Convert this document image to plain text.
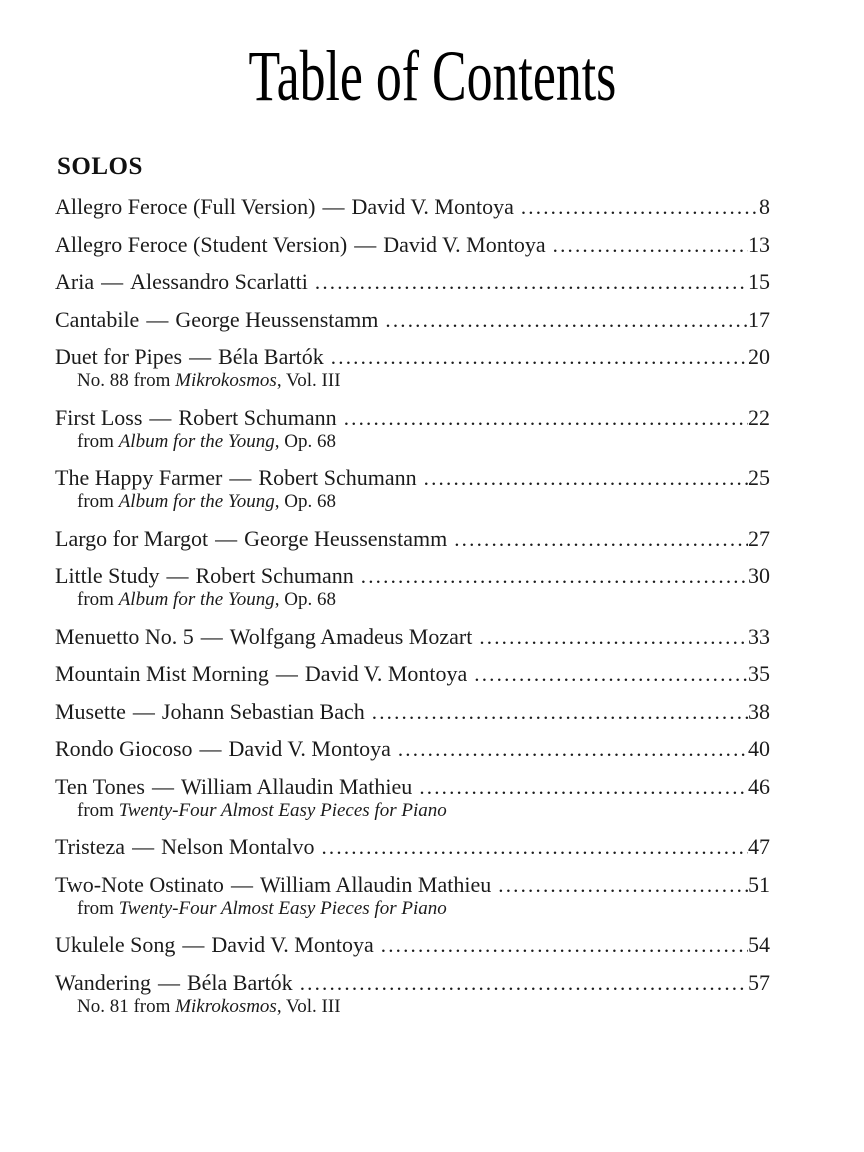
Table of Contents
SOLOS
Allegro Feroce (Full Version) — David V. Montoya .....	8
Allegro Feroce (Student Version) — David V. Montoya .....	13
Aria — Alessandro Scarlatti .....	15
Cantabile — George Heussenstamm .....	17
Duet for Pipes — Béla Bartók .....	20
No. 88 from Mikrokosmos, Vol. III
First Loss — Robert Schumann .....	22
from Album for the Young, Op. 68
The Happy Farmer — Robert Schumann .....	25
from Album for the Young, Op. 68
Largo for Margot — George Heussenstamm .....	27
Little Study — Robert Schumann .....	30
from Album for the Young, Op. 68
Menuetto No. 5 — Wolfgang Amadeus Mozart .....	33
Mountain Mist Morning — David V. Montoya .....	35
Musette — Johann Sebastian Bach .....	38
Rondo Giocoso — David V. Montoya .....	40
Ten Tones — William Allaudin Mathieu .....	46
from Twenty-Four Almost Easy Pieces for Piano
Tristeza — Nelson Montalvo .....	47
Two-Note Ostinato — William Allaudin Mathieu .....	51
from Twenty-Four Almost Easy Pieces for Piano
Ukulele Song — David V. Montoya .....	54
Wandering — Béla Bartók .....	57
No. 81 from Mikrokosmos, Vol. III
